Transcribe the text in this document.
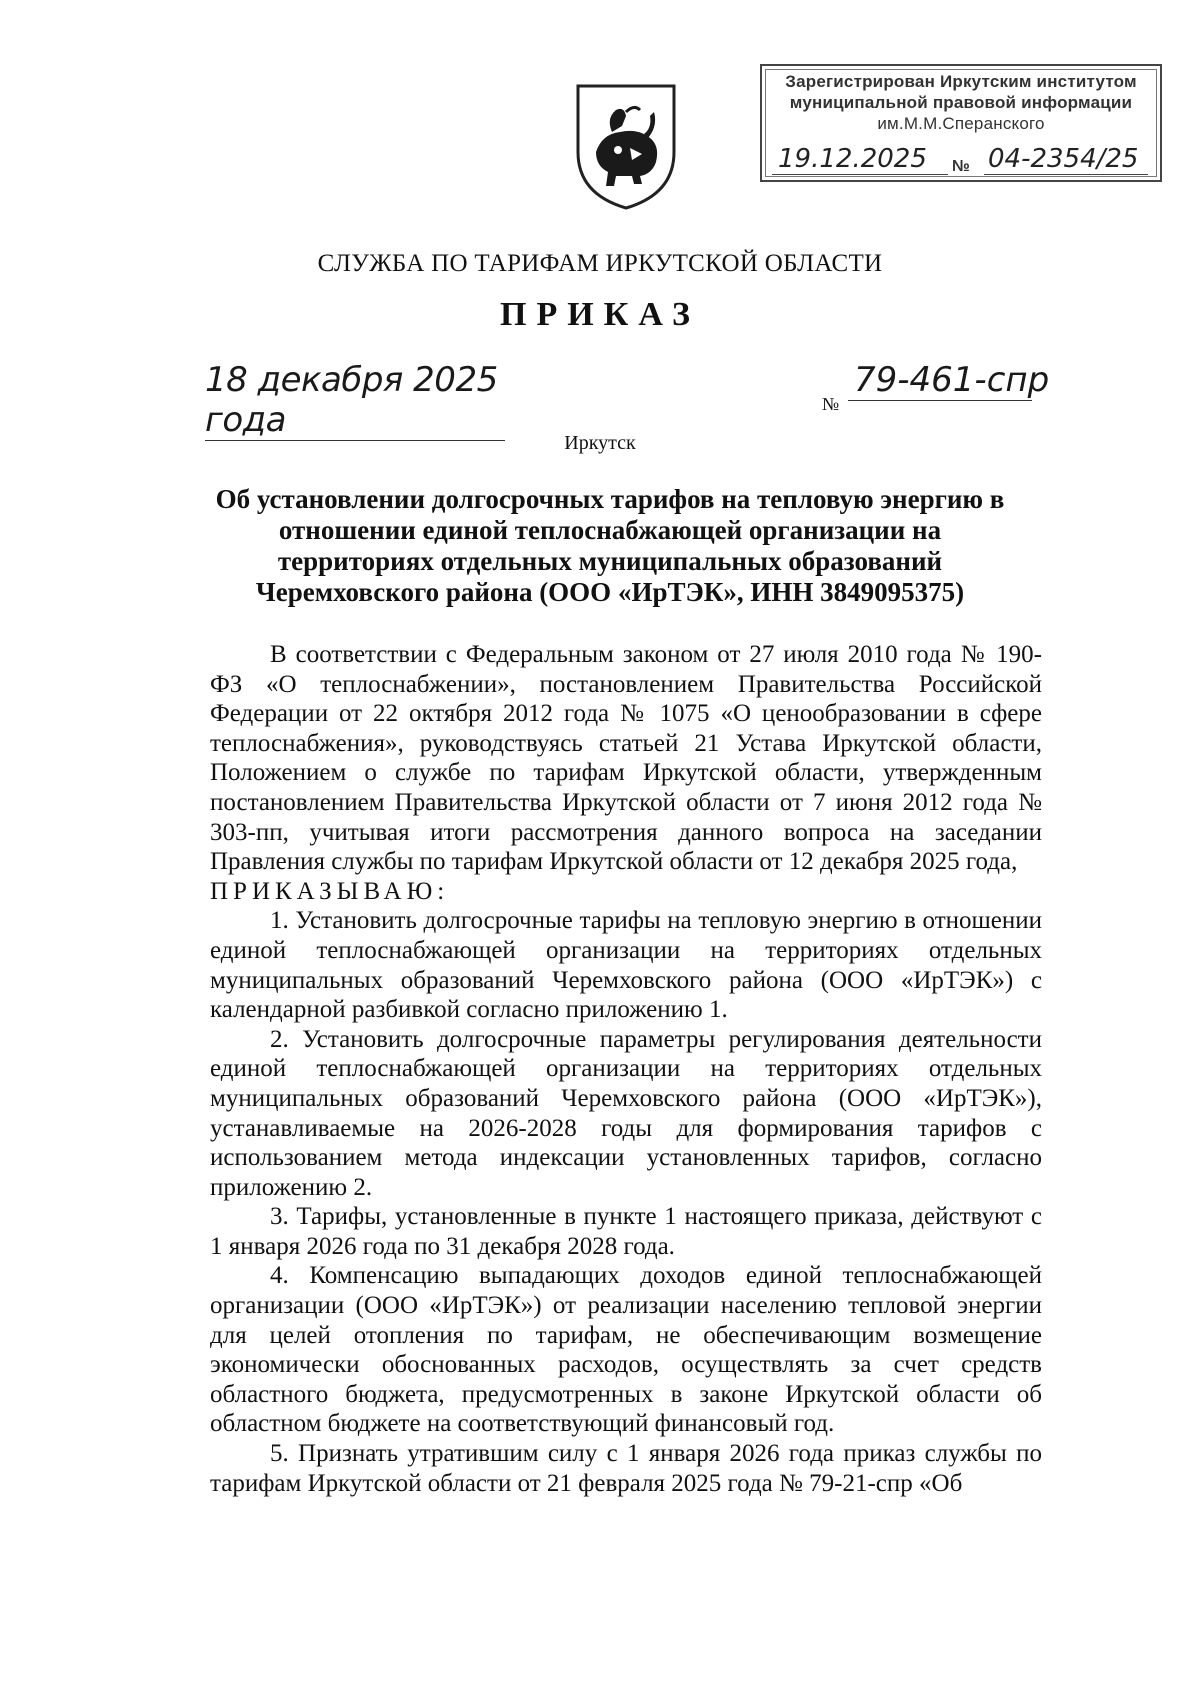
Зарегистрирован Иркутским институтом
муниципальной правовой информации
им.М.М.Сперанского
19.12.2025	№ 04-2354/25
СЛУЖБА ПО ТАРИФАМ ИРКУТСКОЙ ОБЛАСТИ
ПРИКАЗ
18 декабря 2025 года	№
79-461-спр
Иркутск
Об установлении долгосрочных тарифов на тепловую энергию в отношении единой теплоснабжающей организации на территориях отдельных муниципальных образований Черемховского района (ООО «ИрТЭК», ИНН 3849095375)

В соответствии с Федеральным законом от 27 июля 2010 года № 190-ФЗ «О теплоснабжении», постановлением Правительства Российской Федерации от 22 октября 2012 года № 1075 «О ценообразовании в сфере теплоснабжения», руководствуясь статьей 21 Устава Иркутской области, Положением о службе по тарифам Иркутской области, утвержденным постановлением Правительства Иркутской области от 7 июня 2012 года № 303-пп, учитывая итоги рассмотрения данного вопроса на заседании Правления службы по тарифам Иркутской области от 12 декабря 2025 года,

ПРИКАЗЫВАЮ:

1. Установить долгосрочные тарифы на тепловую энергию в отношении единой теплоснабжающей организации на территориях отдельных муниципальных образований Черемховского района (ООО «ИрТЭК») с календарной разбивкой согласно приложению 1.

2. Установить долгосрочные параметры регулирования деятельности единой теплоснабжающей организации на территориях отдельных муниципальных образований Черемховского района (ООО «ИрТЭК»), устанавливаемые на 2026-2028 годы для формирования тарифов с использованием метода индексации установленных тарифов, согласно приложению 2.

3. Тарифы, установленные в пункте 1 настоящего приказа, действуют с 1 января 2026 года по 31 декабря 2028 года.

4. Компенсацию выпадающих доходов единой теплоснабжающей организации (ООО «ИрТЭК») от реализации населению тепловой энергии для целей отопления по тарифам, не обеспечивающим возмещение экономически обоснованных расходов, осуществлять за счет средств областного бюджета, предусмотренных в законе Иркутской области об областном бюджете на соответствующий финансовый год.

5. Признать утратившим силу с 1 января 2026 года приказ службы по тарифам Иркутской области от 21 февраля 2025 года № 79-21-спр «Об
